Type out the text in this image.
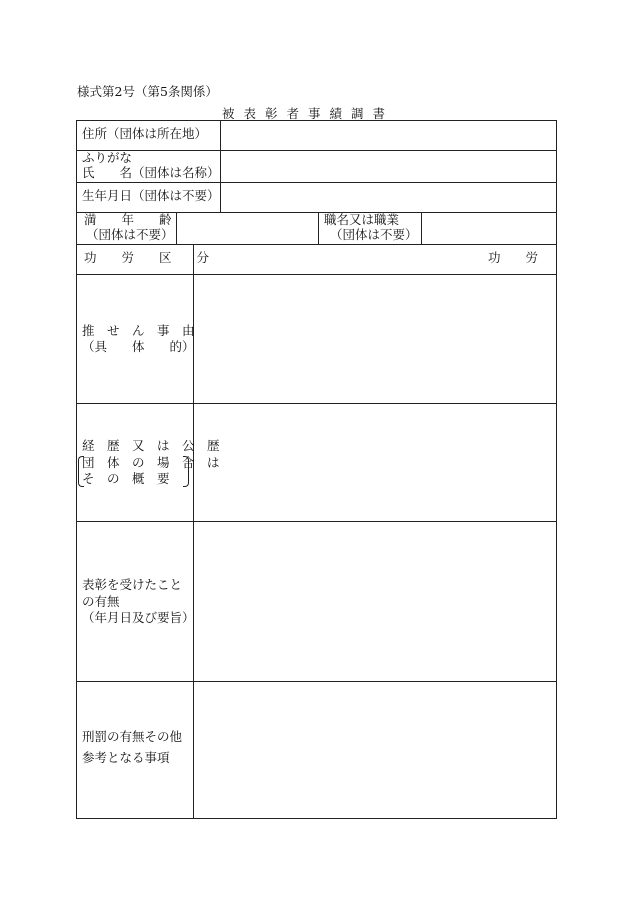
様式第2号（第5条関係）
被表彰者事績調書
住所（団体は所在地）
ふりがな
氏　　名（団体は名称）
生年月日（団体は不要）
満　　年　　齢
（団体は不要）
職名又は職業
（団体は不要）
功　　労　　区　　分	功　　労
推　せ　ん　事　由
（具　　体　　的）
経　歴　又　は　公　歴
団　体　の　場　合　は
そ　の　概　要
表彰を受けたこと
の有無
（年月日及び要旨）
刑罰の有無その他
参考となる事項
